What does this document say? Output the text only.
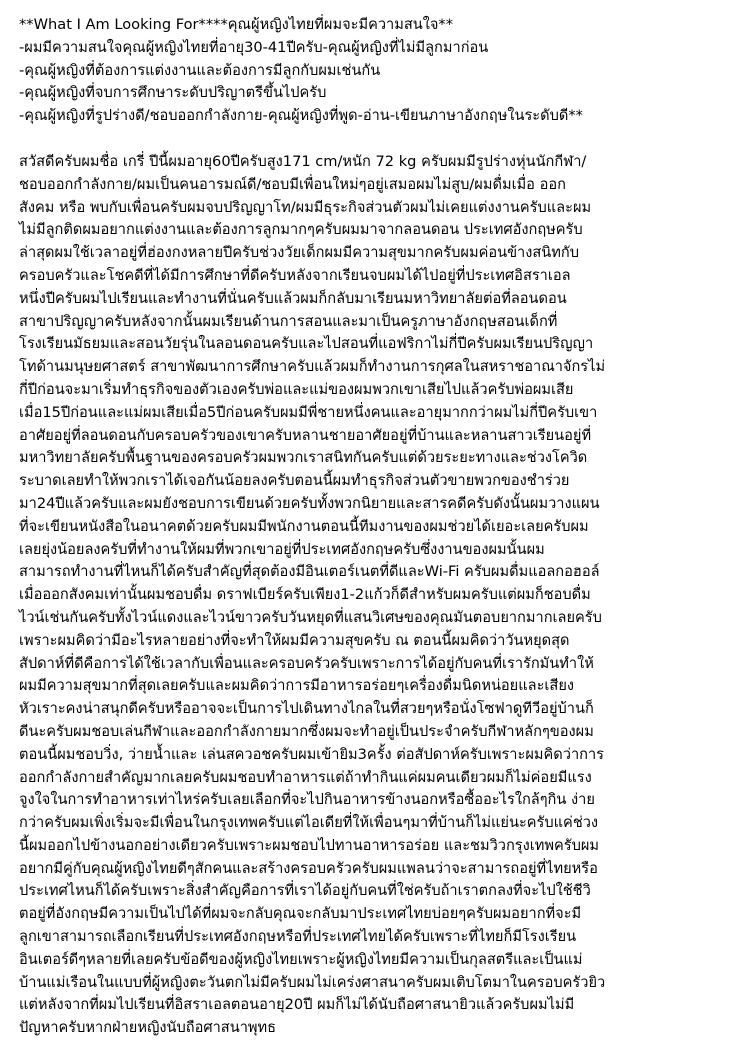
**What I Am Looking For****คุณผู้หญิงไทยที่ผมจะมีความสนใจ**
-ผมมีความสนใจคุณผู้หญิงไทยที่อายุ30-41ปีครับ-คุณผู้หญิงที่ไม่มีลูกมาก่อน
-คุณผู้หญิงที่ต้องการแต่งงานและต้องการมีลูกกับผมเช่นกัน
-คุณผู้หญิงที่จบการศึกษาระดับปริญาตรีขึ้นไปครับ
-คุณผู้หญิงที่รูปร่างดี/ชอบออกกำลังกาย-คุณผู้หญิงที่พูด-อ่าน-เขียนภาษาอังกฤษในระดับดี**
สวัสดีครับผมชื่อ เกรี่ ปีนี้ผมอายุ60ปีครับสูง171 cm/หนัก 72 kg ครับผมมีรูปร่างหุ่นนักกีฬา/
ชอบออกกำลังกาย/ผมเป็นคนอารมณ์ดี/ชอบมีเพื่อนใหม่ๆอยู่เสมอผมไม่สูบ/ผมดื่มเมื่อ ออก
สังคม หรือ พบกับเพื่อนครับผมจบปริญญาโท/ผมมีธุระกิจส่วนตัวผมไม่เคยแต่งงานครับและผม
ไม่มีลูกติดผมอยากแต่งงานและต้องการลูกมากๆครับผมมาจากลอนดอน ประเทศอังกฤษครับ
ล่าสุดผมใช้เวลาอยู่ที่ฮ่องกงหลายปีครับช่วงวัยเด็กผมมีความสุขมากครับผมค่อนข้างสนิทกับ
ครอบครัวและโชคดีที่ได้มีการศึกษาที่ดีครับหลังจากเรียนจบผมได้ไปอยู่ที่ประเทศอิสราเอล
หนึ่งปีครับผมไปเรียนและทำงานที่นั่นครับแล้วผมก็กลับมาเรียนมหาวิทยาลัยต่อที่ลอนดอน
สาขาปริญญาครับหลังจากนั้นผมเรียนด้านการสอนและมาเป็นครูภาษาอังกฤษสอนเด็กที่
โรงเรียนมัธยมและสอนวัยรุ่นในลอนดอนครับและไปสอนที่แอฟริกาไม่กี่ปีครับผมเรียนปริญญา
โทด้านมนุษยศาสตร์ สาขาพัฒนาการศึกษาครับแล้วผมก็ทำงานการกุศลในสหราชอาณาจักรไม่
กี่ปีก่อนจะมาเริ่มทำธุรกิจของตัวเองครับพ่อและแม่ของผมพวกเขาเสียไปแล้วครับพ่อผมเสีย
เมื่อ15ปีก่อนและแม่ผมเสียเมื่อ5ปีก่อนครับผมมีพี่ชายหนึ่งคนและอายุมากกว่าผมไม่กี่ปีครับเขา
อาศัยอยู่ที่ลอนดอนกับครอบครัวของเขาครับหลานชายอาศัยอยู่ที่บ้านและหลานสาวเรียนอยู่ที่
มหาวิทยาลัยครับพื้นฐานของครอบครัวผมพวกเราสนิทกันครับแต่ด้วยระยะทางและช่วงโควิด
ระบาดเลยทำให้พวกเราได้เจอกันน้อยลงครับตอนนี้ผมทำธุรกิจส่วนตัวขายพวกของชำร่วย
มา24ปีแล้วครับและผมยังชอบการเขียนด้วยครับทั้งพวกนิยายและสารคดีครับดังนั้นผมวางแผน
ที่จะเขียนหนังสือในอนาคตด้วยครับผมมีพนักงานตอนนี้ทีมงานของผมช่วยได้เยอะเลยครับผม
เลยยุ่งน้อยลงครับที่ทำงานให้ผมที่พวกเขาอยู่ที่ประเทศอังกฤษครับซึ่งงานของผมนั้นผม
สามารถทำงานที่ไหนก็ได้ครับสำคัญที่สุดต้องมีอินเตอร์เนตที่ดีและWi-Fi ครับผมดื่มแอลกอฮอล์
เมื่อออกสังคมเท่านั้นผมชอบดื่ม ดราฟเบียร์ครับเพียง1-2แก้วก็ดีสำหรับผมครับแต่ผมก็ชอบดื่ม
ไวน์เช่นกันครับทั้งไวน์แดงและไวน์ขาวครับวันหยุดที่แสนวิเศษของคุณมันตอบยากมากเลยครับ
เพราะผมคิดว่ามีอะไรหลายอย่างที่จะทำให้ผมมีความสุขครับ ณ ตอนนี้ผมคิดว่าวันหยุดสุด
สัปดาห์ที่ดีคือการได้ใช้เวลากับเพื่อนและครอบครัวครับเพราะการได้อยู่กับคนที่เรารักมันทำให้
ผมมีความสุขมากที่สุดเลยครับและผมคิดว่าการมีอาหารอร่อยๆเครื่องดื่มนิดหน่อยและเสียง
หัวเราะคงน่าสนุกดีครับหรืออาจจะเป็นการไปเดินทางไกลในที่สวยๆหรือนั่งโซฟาดูทีวีอยู่บ้านก็
ดีนะครับผมชอบเล่นกีฬาและออกกำลังกายมากซึ่งผมจะทำอยู่เป็นประจำครับกีฬาหลักๆของผม
ตอนนี้ผมชอบวิ่ง, ว่ายน้ำและ เล่นสควอชครับผมเข้ายิม3ครั้ง ต่อสัปดาห์ครับเพราะผมคิดว่าการ
ออกกำลังกายสำคัญมากเลยครับผมชอบทำอาหารแต่ถ้าทำกินแค่ผมคนเดียวผมก็ไม่ค่อยมีแรง
จูงใจในการทำอาหารเท่าไหร่ครับเลยเลือกที่จะไปกินอาหารข้างนอกหรือซื้ออะไรใกล้ๆกิน ง่าย
กว่าครับผมเพิ่งเริ่มจะมีเพื่อนในกรุงเทพครับแต่ไอเดียที่ให้เพื่อนๆมาที่บ้านก็ไม่แย่นะครับแค่ช่วง
นี้ผมออกไปข้างนอกอย่างเดียวครับเพราะผมชอบไปทานอาหารอร่อย และชมวิวกรุงเทพครับผม
อยากมีคู่กับคุณผู้หญิงไทยดีๆสักคนและสร้างครอบครัวครับผมแพลนว่าจะสามารถอยู่ที่ไทยหรือ
ประเทศไหนก็ได้ครับเพราะสิ่งสำคัญคือการที่เราได้อยู่กับคนที่ใช่ครับถ้าเราตกลงที่จะไปใช้ชีวิ
ตอยู่ที่อังกฤษมีความเป็นไปได้ที่ผมจะกลับคุณจะกลับมาประเทศไทยบ่อยๆครับผมอยากที่จะมี
ลูกเขาสามารถเลือกเรียนที่ประเทศอังกฤษหรือที่ประเทศไทยได้ครับเพราะที่ไทยก็มีโรงเรียน
อินเตอร์ดีๆหลายที่เลยครับข้อดีของผู้หญิงไทยเพราะผู้หญิงไทยมีความเป็นกุลสตรีและเป็นแม่
บ้านแม่เรือนในแบบที่ผู้หญิงตะวันตกไม่มีครับผมไม่เคร่งศาสนาครับผมเติบโตมาในครอบครัวยิว
แต่หลังจากที่ผมไปเรียนที่อิสราเอลตอนอายุ20ปี ผมก็ไม่ได้นับถือศาสนายิวแล้วครับผมไม่มี
ปัญหาครับหากฝ่ายหญิงนับถือศาสนาพุทธ
